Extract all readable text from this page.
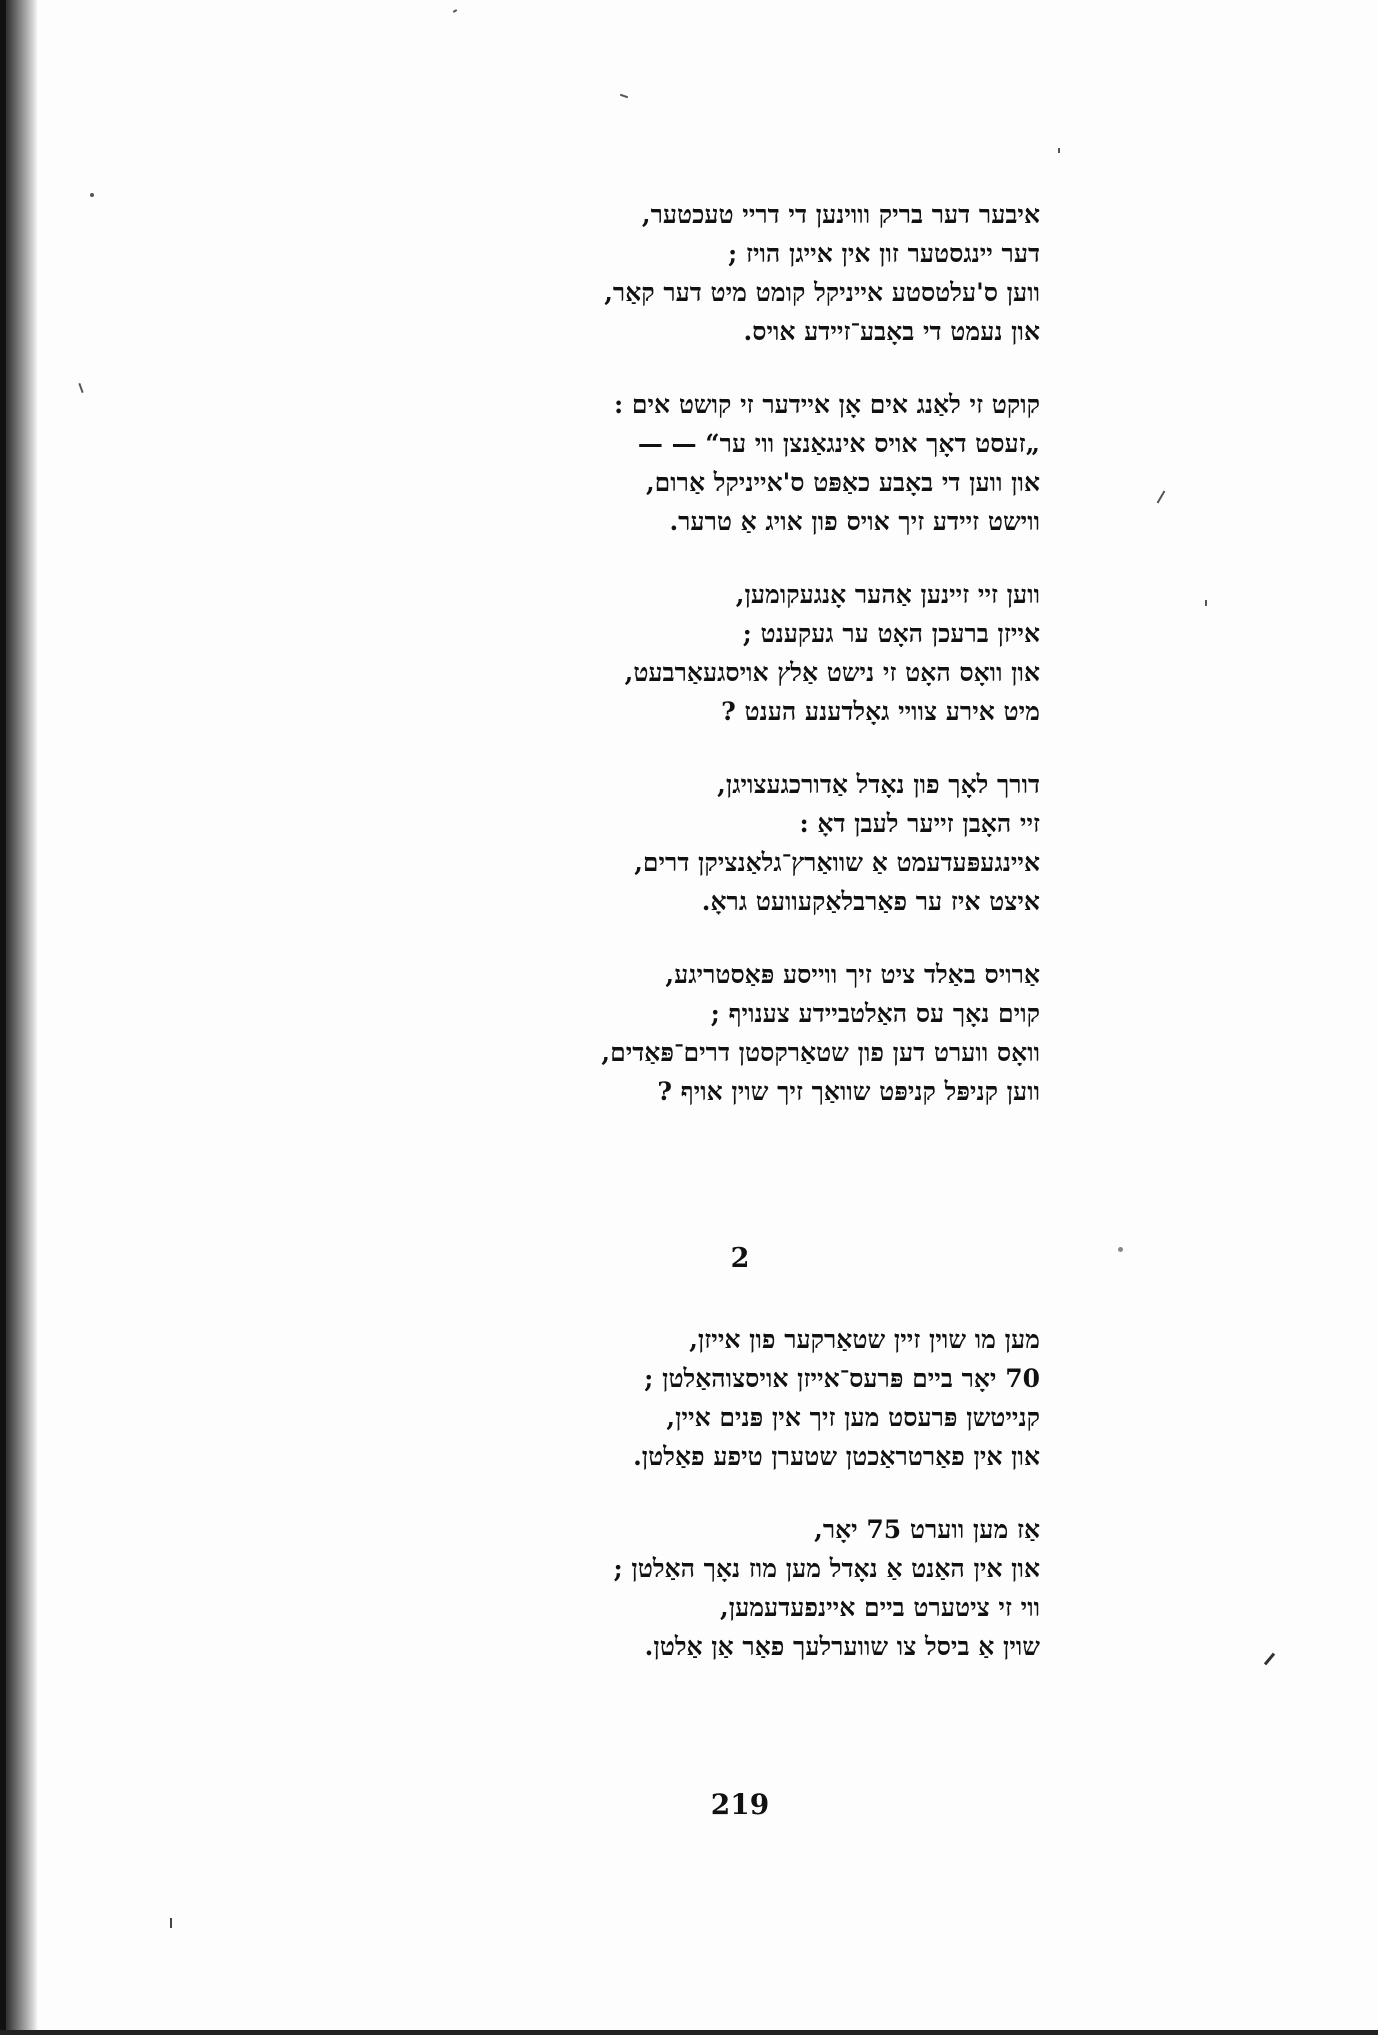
איבער דער בריק וווינען די דריי טעכטער,
דער יינגסטער זון אין אייגן הויז ;
ווען ס'עלטסטע אייניקל קומט מיט דער קאַר,
און נעמט די באָבע־זיידע אויס.
קוקט זי לאַנג אים אָן איידער זי קושט אים :
„זעסט דאָך אויס אינגאַנצן ווי ער“ — —
און ווען די באָבע כאַפּט ס'אייניקל אַרום,
ווישט זיידע זיך אויס פון אויג אַ טרער.
ווען זיי זיינען אַהער אָנגעקומען,
אייזן ברעכן האָט ער געקענט ;
און וואָס האָט זי נישט אַלץ אויסגעאַרבעט,
מיט אירע צוויי גאָלדענע הענט ?
דורך לאָך פון נאָדל אַדורכגעצויגן,
זיי האָבן זייער לעבן דאָ :
איינגעפּעדעמט אַ שוואַרץ־גלאַנציקן דרים,
איצט איז ער פאַרבלאַקעוועט גראָ.
אַרויס באַלד ציט זיך ווייסע פּאַסטריגע,
קוים נאָך עס האַלטביידע צענויף ;
וואָס ווערט דען פון שטאַרקסטן דרים־פּאַדים,
ווען קניפּל קניפּט שוואַך זיך שוין אויף ?
2
מען מו שוין זיין שטאַרקער פון אייזן,
70 יאָר ביים פּרעס־אייזן אויסצוהאַלטן ;
קנייטשן פּרעסט מען זיך אין פּנים איין,
און אין פאַרטראַכטן שטערן טיפע פאַלטן.
אַז מען ווערט 75 יאָר,
און אין האַנט אַ נאָדל מען מוז נאָך האַלטן ;
ווי זי ציטערט ביים איינפעדעמען,
שוין אַ ביסל צו שווערלעך פאַר אַן אַלטן.
219
